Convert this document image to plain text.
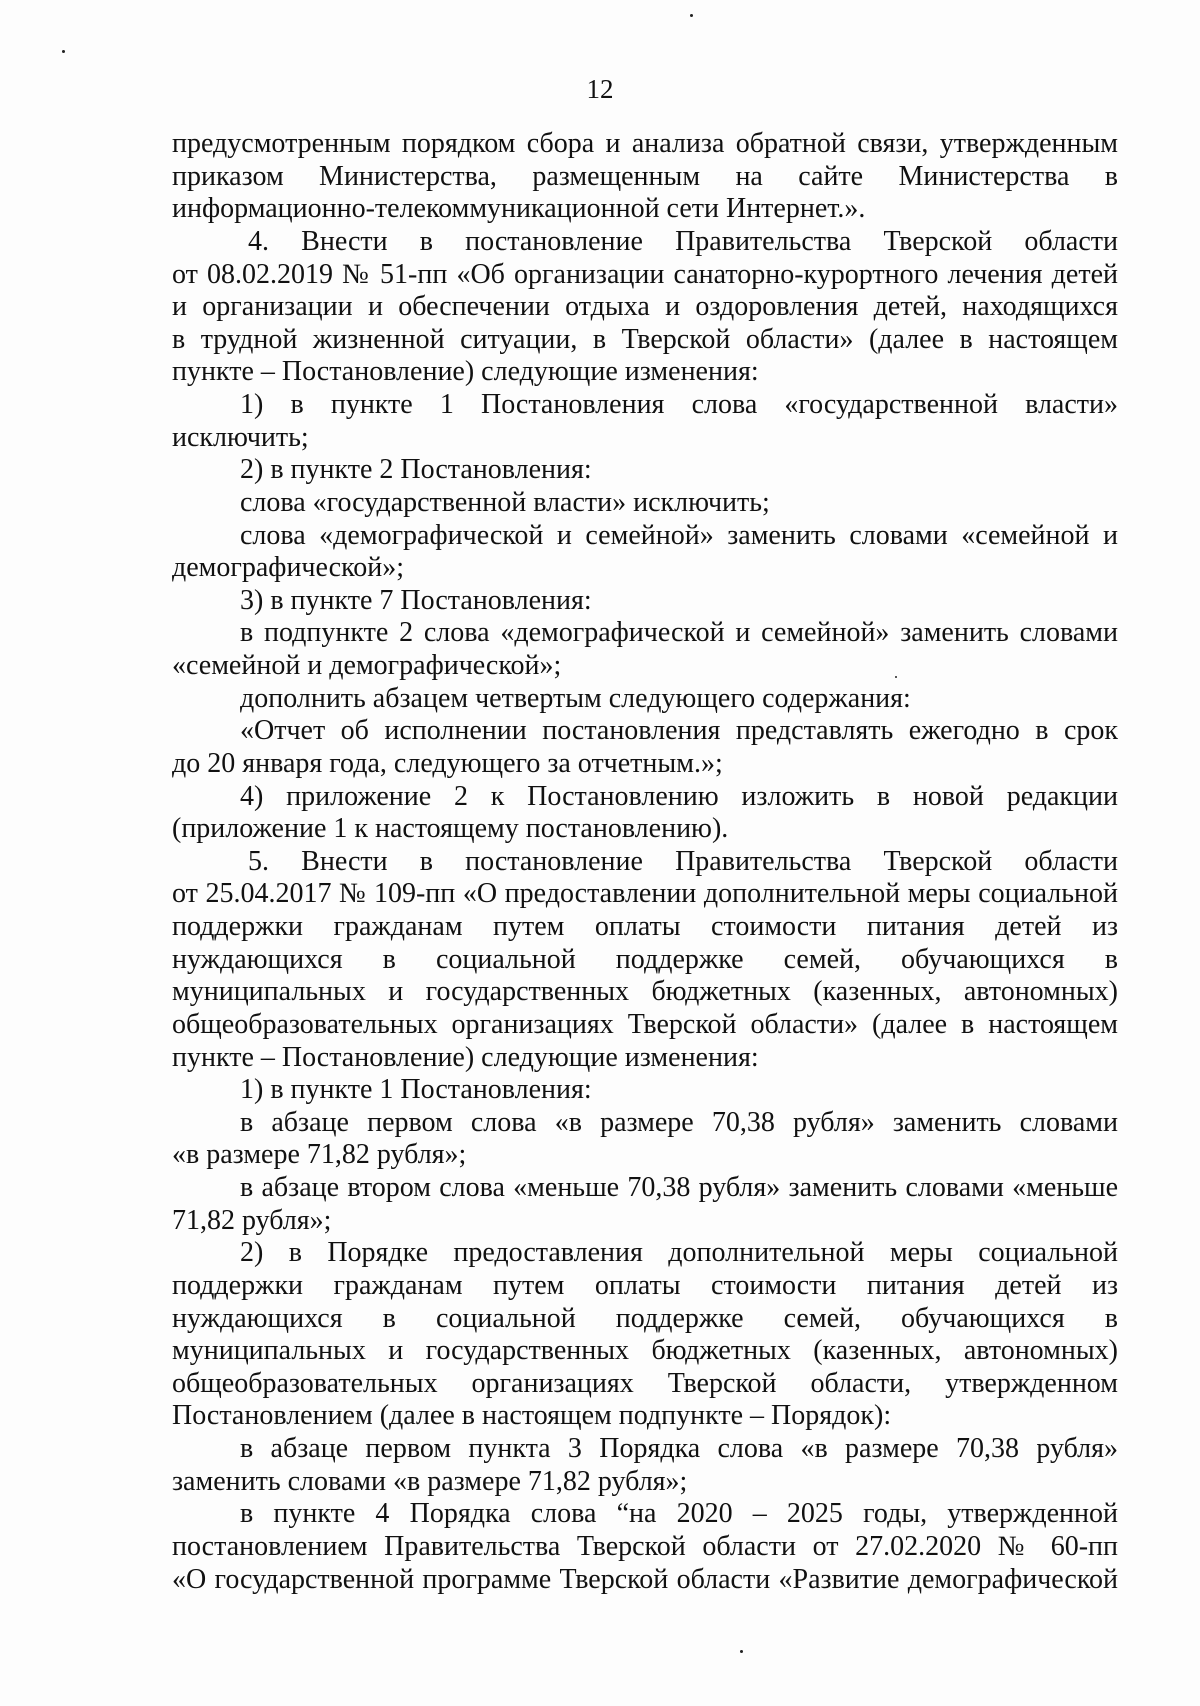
12
предусмотренным порядком сбора и анализа обратной связи, утвержденным
приказом Министерства, размещенным на сайте Министерства в
информационно-телекоммуникационной сети Интернет.».
4. Внести в постановление Правительства Тверской области
от 08.02.2019 № 51-пп «Об организации санаторно-курортного лечения детей
и организации и обеспечении отдыха и оздоровления детей, находящихся
в трудной жизненной ситуации, в Тверской области» (далее в настоящем
пункте – Постановление) следующие изменения:
1) в пункте 1 Постановления слова «государственной власти»
исключить;
2) в пункте 2 Постановления:
слова «государственной власти» исключить;
слова «демографической и семейной» заменить словами «семейной и
демографической»;
3) в пункте 7 Постановления:
в подпункте 2 слова «демографической и семейной» заменить словами
«семейной и демографической»;
дополнить абзацем четвертым следующего содержания:
«Отчет об исполнении постановления представлять ежегодно в срок
до 20 января года, следующего за отчетным.»;
4) приложение 2 к Постановлению изложить в новой редакции
(приложение 1 к настоящему постановлению).
5. Внести в постановление Правительства Тверской области
от 25.04.2017 № 109-пп «О предоставлении дополнительной меры социальной
поддержки гражданам путем оплаты стоимости питания детей из
нуждающихся в социальной поддержке семей, обучающихся в
муниципальных и государственных бюджетных (казенных, автономных)
общеобразовательных организациях Тверской области» (далее в настоящем
пункте – Постановление) следующие изменения:
1) в пункте 1 Постановления:
в абзаце первом слова «в размере 70,38 рубля» заменить словами
«в размере 71,82 рубля»;
в абзаце втором слова «меньше 70,38 рубля» заменить словами «меньше
71,82 рубля»;
2) в Порядке предоставления дополнительной меры социальной
поддержки гражданам путем оплаты стоимости питания детей из
нуждающихся в социальной поддержке семей, обучающихся в
муниципальных и государственных бюджетных (казенных, автономных)
общеобразовательных организациях Тверской области, утвержденном
Постановлением (далее в настоящем подпункте – Порядок):
в абзаце первом пункта 3 Порядка слова «в размере 70,38 рубля»
заменить словами «в размере 71,82 рубля»;
в пункте 4 Порядка слова “на 2020 – 2025 годы, утвержденной
постановлением Правительства Тверской области от 27.02.2020 № 60-пп
«О государственной программе Тверской области «Развитие демографической
